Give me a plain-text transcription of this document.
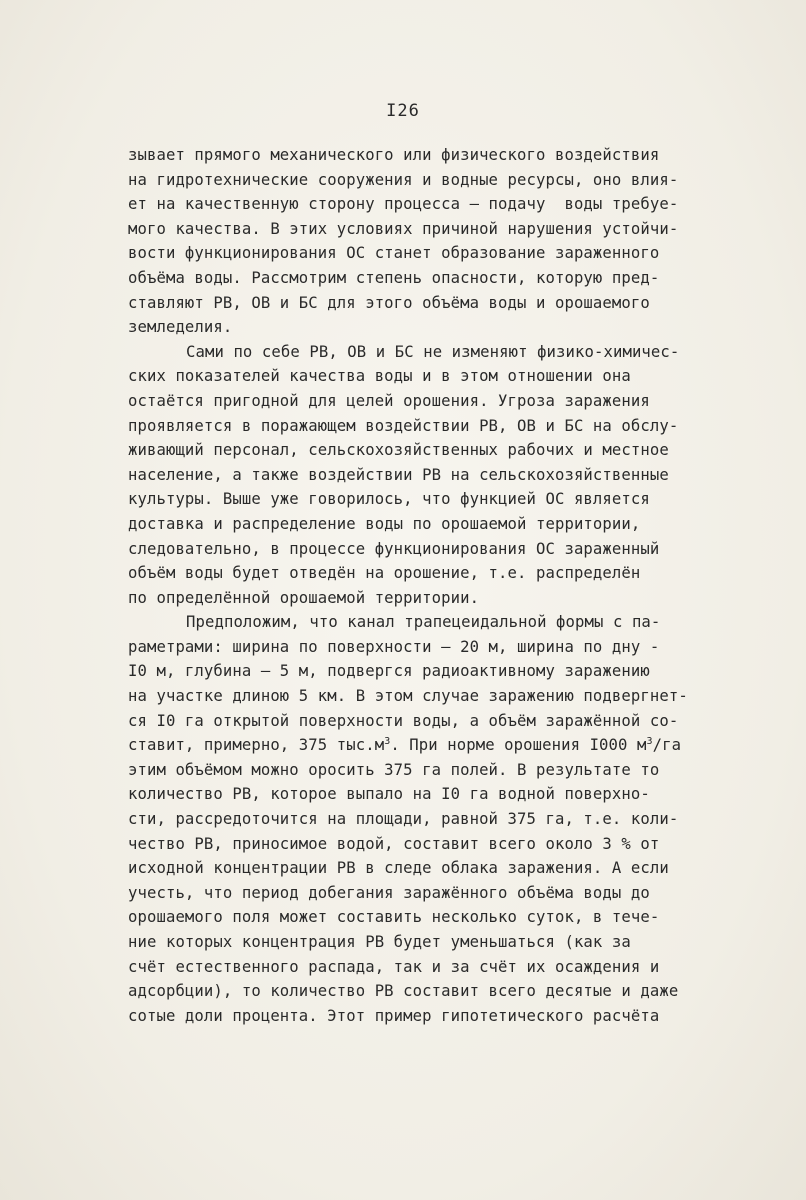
I26
зывает прямого механического или физического воздействия
на гидротехнические сооружения и водные ресурсы, оно влия-
ет на качественную сторону процесса – подачу  воды требуе-
мого качества. В этих условиях причиной нарушения устойчи-
вости функционирования ОС станет образование зараженного
объёма воды. Рассмотрим степень опасности, которую пред-
ставляют РВ, ОВ и БС для этого объёма воды и орошаемого
земледелия.
Сами по себе РВ, ОВ и БС не изменяют физико-химичес-
ских показателей качества воды и в этом отношении она
остаётся пригодной для целей орошения. Угроза заражения
проявляется в поражающем воздействии РВ, ОВ и БС на обслу-
живающий персонал, сельскохозяйственных рабочих и местное
население, а также воздействии РВ на сельскохозяйственные
культуры. Выше уже говорилось, что функцией ОС является
доставка и распределение воды по орошаемой территории,
следовательно, в процессе функционирования ОС зараженный
объём воды будет отведён на орошение, т.е. распределён
по определённой орошаемой территории.
Предположим, что канал трапецеидальной формы с па-
раметрами: ширина по поверхности – 20 м, ширина по дну -
I0 м, глубина – 5 м, подвергся радиоактивному заражению
на участке длиною 5 км. В этом случае заражению подвергнет-
ся I0 га открытой поверхности воды, а объём заражённой со-
ставит, примерно, 375 $тыс.м^3$. При норме орошения I000 $м^3/га$
этим объёмом можно оросить 375 га полей. В результате то
количество РВ, которое выпало на I0 га водной поверхно-
сти, рассредоточится на площади, равной 375 га, т.е. коли-
чество РВ, приносимое водой, составит всего около 3 % от
исходной концентрации РВ в следе облака заражения. А если
учесть, что период добегания заражённого объёма воды до
орошаемого поля может составить несколько суток, в тече-
ние которых концентрация РВ будет уменьшаться (как за
счёт естественного распада, так и за счёт их осаждения и
адсорбции), то количество РВ составит всего десятые и даже
сотые доли процента. Этот пример гипотетического расчёта
